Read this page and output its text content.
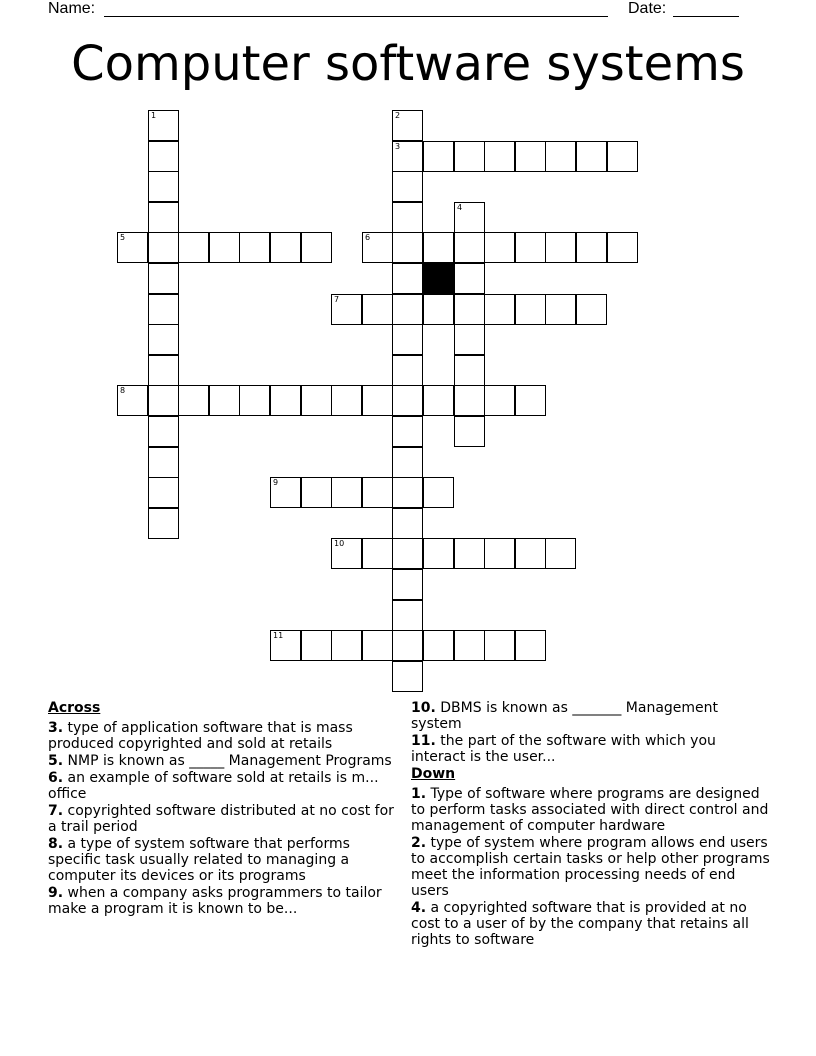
Name:	Date:
Computer software systems
1	2
3
4
5	6
7
8
9
10
11
Across
3. type of application software that is mass produced copyrighted and sold at retails
5. NMP is known as _____ Management Programs
6. an example of software sold at retails is m... office
7. copyrighted software distributed at no cost for a trail period
8. a type of system software that performs specific task usually related to managing a computer its devices or its programs
9. when a company asks programmers to tailor make a program it is known to be...
10. DBMS is known as _______ Management system
11. the part of the software with which you interact is the user...
Down
1. Type of software where programs are designed to perform tasks associated with direct control and management of computer hardware
2. type of system where program allows end users to accomplish certain tasks or help other programs meet the information processing needs of end users
4. a copyrighted software that is provided at no cost to a user of by the company that retains all rights to software
